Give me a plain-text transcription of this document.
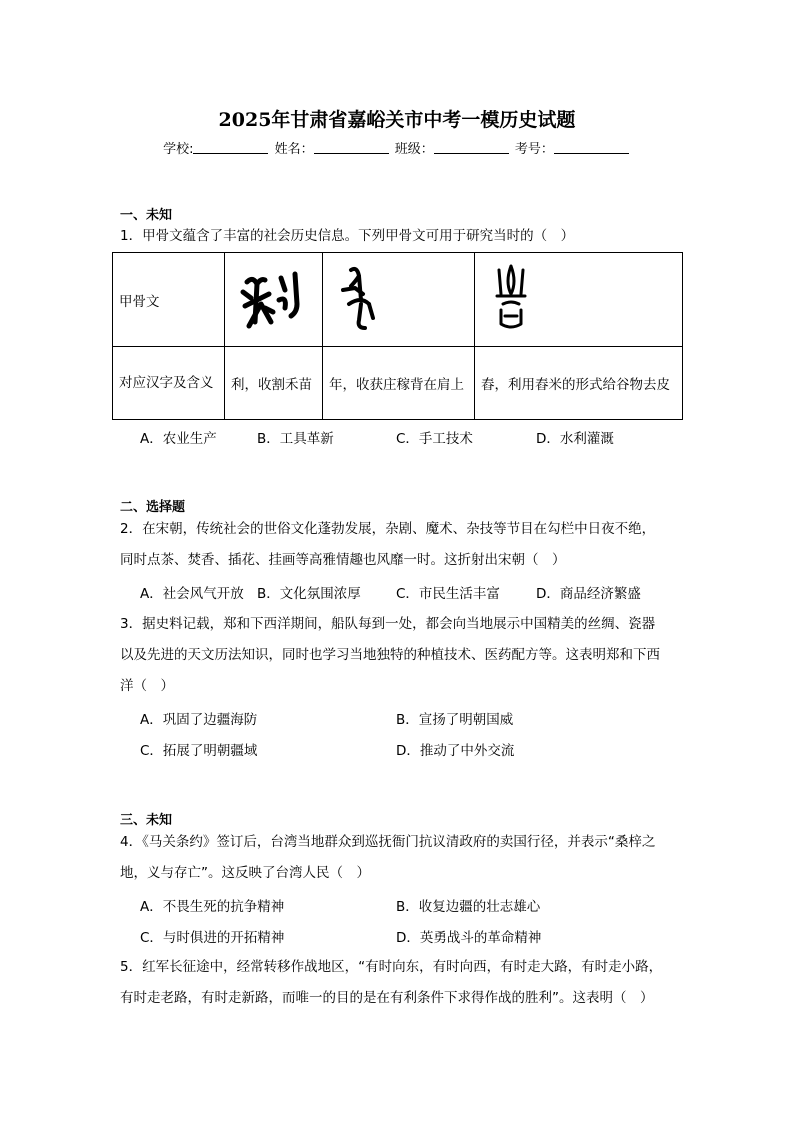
2025年甘肃省嘉峪关市中考一模历史试题
学校:	姓名：	班级：	考号：
一、未知
1．甲骨文蕴含了丰富的社会历史信息。下列甲骨文可用于研究当时的（　）
甲骨文	

对应汉字及含义	利，收割禾苗	年，收获庄稼背在肩上	舂，利用舂米的形式给谷物去皮
A．农业生产	B．工具革新	C．手工技术	D．水利灌溉
二、选择题
2．在宋朝，传统社会的世俗文化蓬勃发展，杂剧、魔术、杂技等节目在勾栏中日夜不绝，
同时点茶、焚香、插花、挂画等高雅情趣也风靡一时。这折射出宋朝（　）
A．社会风气开放 B．文化氛围浓厚	C．市民生活丰富	D．商品经济繁盛
3．据史料记载，郑和下西洋期间，船队每到一处，都会向当地展示中国精美的丝绸、瓷器
以及先进的天文历法知识，同时也学习当地独特的种植技术、医药配方等。这表明郑和下西
洋（　）
A．巩固了边疆海防	B．宣扬了明朝国威
C．拓展了明朝疆域	D．推动了中外交流
三、未知
4．《马关条约》签订后，台湾当地群众到巡抚衙门抗议清政府的卖国行径，并表示“桑梓之
地，义与存亡”。这反映了台湾人民（　）
A．不畏生死的抗争精神	B．收复边疆的壮志雄心
C．与时俱进的开拓精神	D．英勇战斗的革命精神
5．红军长征途中，经常转移作战地区，“有时向东，有时向西，有时走大路，有时走小路，
有时走老路，有时走新路，而唯一的目的是在有利条件下求得作战的胜利”。这表明（　）
